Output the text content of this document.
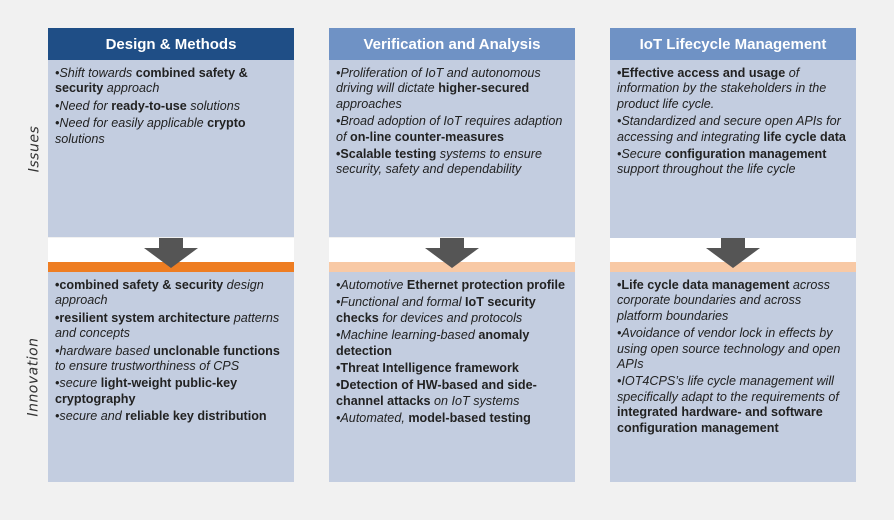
Issues
Innovation
Design & Methods

•Shift towards combined safety & security approach

•Need for ready-to-use solutions

•Need for easily applicable crypto solutions

•combined safety & security design approach

•resilient system architecture patterns and concepts

•hardware based unclonable functions to ensure trustworthiness of CPS

•secure light-weight public-key cryptography

•secure and reliable key distribution

Verification and Analysis

•Proliferation of IoT and autonomous driving will dictate higher-secured approaches

•Broad adoption of IoT requires adaption of on-line counter-measures

•Scalable testing systems to ensure security, safety and dependability

•Automotive Ethernet protection profile

•Functional and formal IoT security checks for devices and protocols

•Machine learning-based anomaly detection

•Threat Intelligence framework

•Detection of HW-based and side-channel attacks on IoT systems

•Automated, model-based testing

IoT Lifecycle Management

•Effective access and usage of information by the stakeholders in the product life cycle.

•Standardized and secure open APIs for accessing and integrating life cycle data

•Secure configuration management support throughout the life cycle

•Life cycle data management across corporate boundaries and across platform boundaries

•Avoidance of vendor lock in effects by using open source technology and open APIs

•IOT4CPS’s life cycle management will specifically adapt to the requirements of integrated hardware- and software configuration management
